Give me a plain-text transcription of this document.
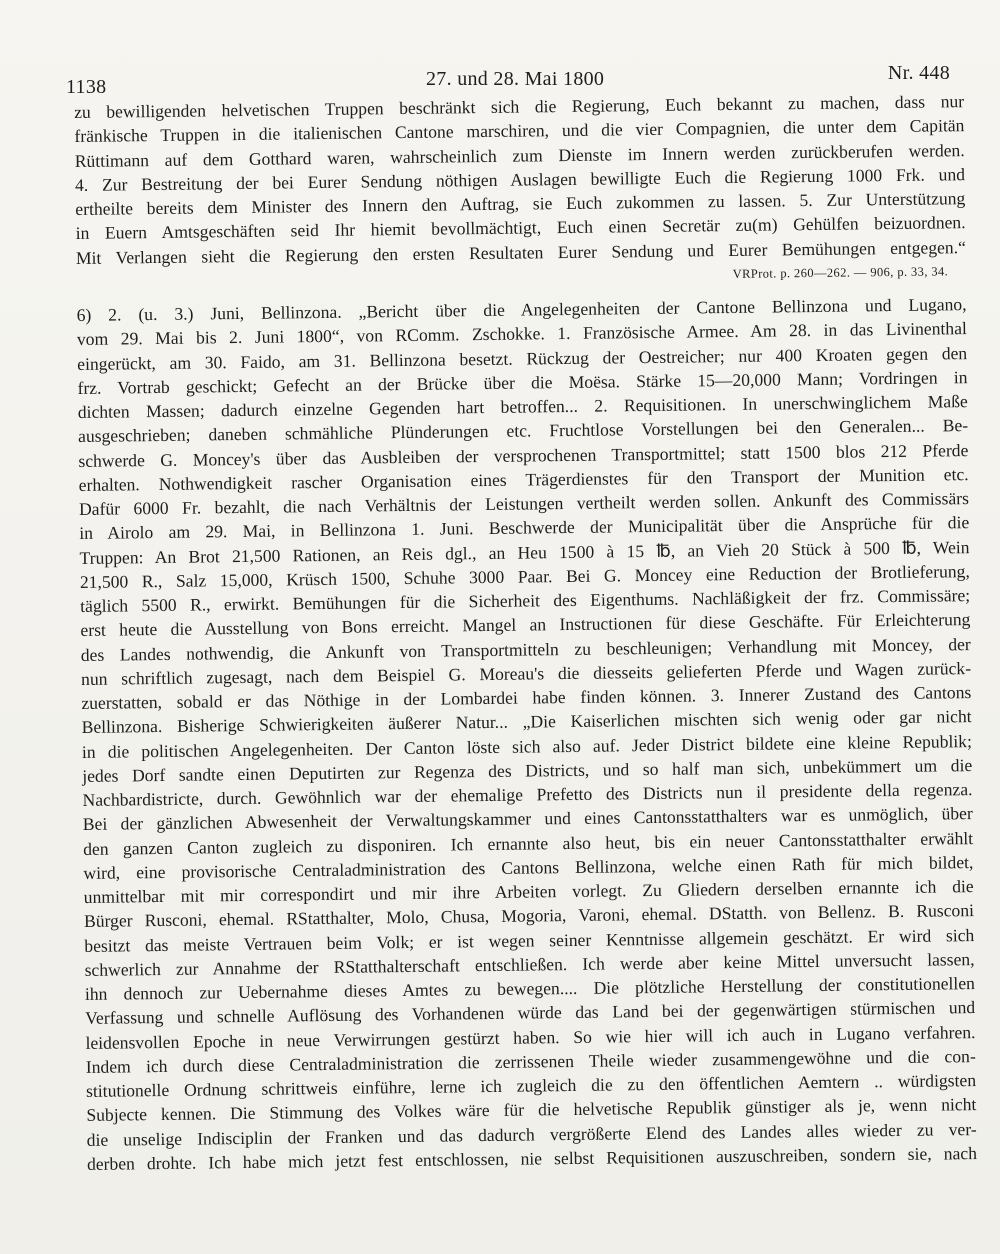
1138	27. und 28. Mai 1800	Nr. 448
zu bewilligenden helvetischen Truppen beschränkt sich die Regierung, Euch bekannt zu machen, dass nur
fränkische Truppen in die italienischen Cantone marschiren, und die vier Compagnien, die unter dem Capitän
Rüttimann auf dem Gotthard waren, wahrscheinlich zum Dienste im Innern werden zurückberufen werden.
4. Zur Bestreitung der bei Eurer Sendung nöthigen Auslagen bewilligte Euch die Regierung 1000 Frk. und
ertheilte bereits dem Minister des Innern den Auftrag, sie Euch zukommen zu lassen. 5. Zur Unterstützung
in Euern Amtsgeschäften seid Ihr hiemit bevollmächtigt, Euch einen Secretär zu(m) Gehülfen beizuordnen.
Mit Verlangen sieht die Regierung den ersten Resultaten Eurer Sendung und Eurer Bemühungen entgegen.“
VRProt. p. 260—262. — 906, p. 33, 34.
6) 2. (u. 3.) Juni, Bellinzona. „Bericht über die Angelegenheiten der Cantone Bellinzona und Lugano,
vom 29. Mai bis 2. Juni 1800“, von RComm. Zschokke. 1. Französische Armee. Am 28. in das Livinenthal
eingerückt, am 30. Faido, am 31. Bellinzona besetzt. Rückzug der Oestreicher; nur 400 Kroaten gegen den
frz. Vortrab geschickt; Gefecht an der Brücke über die Moësa. Stärke 15—20,000 Mann; Vordringen in
dichten Massen; dadurch einzelne Gegenden hart betroffen... 2. Requisitionen. In unerschwinglichem Maße
ausgeschrieben; daneben schmähliche Plünderungen etc. Fruchtlose Vorstellungen bei den Generalen... Be-
schwerde G. Moncey's über das Ausbleiben der versprochenen Transportmittel; statt 1500 blos 212 Pferde
erhalten. Nothwendigkeit rascher Organisation eines Trägerdienstes für den Transport der Munition etc.
Dafür 6000 Fr. bezahlt, die nach Verhältnis der Leistungen vertheilt werden sollen. Ankunft des Commissärs
in Airolo am 29. Mai, in Bellinzona 1. Juni. Beschwerde der Municipalität über die Ansprüche für die
Truppen: An Brot 21,500 Rationen, an Reis dgl., an Heu 1500 à 15 ℔, an Vieh 20 Stück à 500 ℔, Wein
21,500 R., Salz 15,000, Krüsch 1500, Schuhe 3000 Paar. Bei G. Moncey eine Reduction der Brotlieferung,
täglich 5500 R., erwirkt. Bemühungen für die Sicherheit des Eigenthums. Nachläßigkeit der frz. Commissäre;
erst heute die Ausstellung von Bons erreicht. Mangel an Instructionen für diese Geschäfte. Für Erleichterung
des Landes nothwendig, die Ankunft von Transportmitteln zu beschleunigen; Verhandlung mit Moncey, der
nun schriftlich zugesagt, nach dem Beispiel G. Moreau's die diesseits gelieferten Pferde und Wagen zurück-
zuerstatten, sobald er das Nöthige in der Lombardei habe finden können. 3. Innerer Zustand des Cantons
Bellinzona. Bisherige Schwierigkeiten äußerer Natur... „Die Kaiserlichen mischten sich wenig oder gar nicht
in die politischen Angelegenheiten. Der Canton löste sich also auf. Jeder District bildete eine kleine Republik;
jedes Dorf sandte einen Deputirten zur Regenza des Districts, und so half man sich, unbekümmert um die
Nachbardistricte, durch. Gewöhnlich war der ehemalige Prefetto des Districts nun il presidente della regenza.
Bei der gänzlichen Abwesenheit der Verwaltungskammer und eines Cantonsstatthalters war es unmöglich, über
den ganzen Canton zugleich zu disponiren. Ich ernannte also heut, bis ein neuer Cantonsstatthalter erwählt
wird, eine provisorische Centraladministration des Cantons Bellinzona, welche einen Rath für mich bildet,
unmittelbar mit mir correspondirt und mir ihre Arbeiten vorlegt. Zu Gliedern derselben ernannte ich die
Bürger Rusconi, ehemal. RStatthalter, Molo, Chusa, Mogoria, Varoni, ehemal. DStatth. von Bellenz. B. Rusconi
besitzt das meiste Vertrauen beim Volk; er ist wegen seiner Kenntnisse allgemein geschätzt. Er wird sich
schwerlich zur Annahme der RStatthalterschaft entschließen. Ich werde aber keine Mittel unversucht lassen,
ihn dennoch zur Uebernahme dieses Amtes zu bewegen.... Die plötzliche Herstellung der constitutionellen
Verfassung und schnelle Auflösung des Vorhandenen würde das Land bei der gegenwärtigen stürmischen und
leidensvollen Epoche in neue Verwirrungen gestürzt haben. So wie hier will ich auch in Lugano verfahren.
Indem ich durch diese Centraladministration die zerrissenen Theile wieder zusammengewöhne und die con-
stitutionelle Ordnung schrittweis einführe, lerne ich zugleich die zu den öffentlichen Aemtern .. würdigsten
Subjecte kennen. Die Stimmung des Volkes wäre für die helvetische Republik günstiger als je, wenn nicht
die unselige Indisciplin der Franken und das dadurch vergrößerte Elend des Landes alles wieder zu ver-
derben drohte. Ich habe mich jetzt fest entschlossen, nie selbst Requisitionen auszuschreiben, sondern sie, nach
